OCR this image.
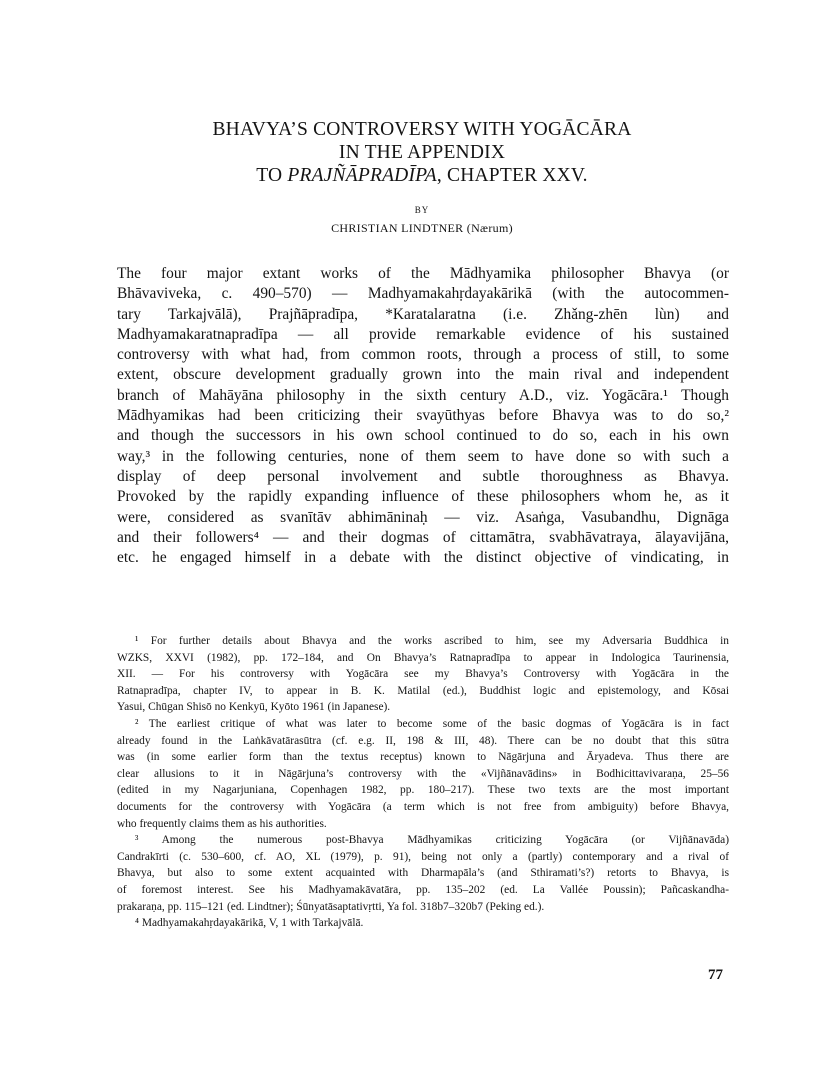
BHAVYA’S CONTROVERSY WITH YOGĀCĀRA
IN THE APPENDIX
TO PRAJÑĀPRADĪPA, CHAPTER XXV.
BY
CHRISTIAN LINDTNER (Nærum)
The four major extant works of the Mādhyamika philosopher Bhavya (or
Bhāvaviveka, c. 490–570) — Madhyamakahṛdayakārikā (with the autocommen-
tary Tarkajvālā), Prajñāpradīpa, *Karatalaratna (i.e. Zhǎng-zhēn lùn) and
Madhyamakaratnapradīpa — all provide remarkable evidence of his sustained
controversy with what had, from common roots, through a process of still, to some
extent, obscure development gradually grown into the main rival and independent
branch of Mahāyāna philosophy in the sixth century A.D., viz. Yogācāra.¹ Though
Mādhyamikas had been criticizing their svayūthyas before Bhavya was to do so,²
and though the successors in his own school continued to do so, each in his own
way,³ in the following centuries, none of them seem to have done so with such a
display of deep personal involvement and subtle thoroughness as Bhavya.
Provoked by the rapidly expanding influence of these philosophers whom he, as it
were, considered as svanītāv abhimāninaḥ — viz. Asaṅga, Vasubandhu, Dignāga
and their followers⁴ — and their dogmas of cittamātra, svabhāvatraya, ālayavijāna,
etc. he engaged himself in a debate with the distinct objective of vindicating, in
¹ For further details about Bhavya and the works ascribed to him, see my Adversaria Buddhica in
WZKS, XXVI (1982), pp. 172–184, and On Bhavya’s Ratnapradīpa to appear in Indologica Taurinensia,
XII. — For his controversy with Yogācāra see my Bhavya’s Controversy with Yogācāra in the
Ratnapradīpa, chapter IV, to appear in B. K. Matilal (ed.), Buddhist logic and epistemology, and Kōsai
Yasui, Chūgan Shisō no Kenkyū, Kyōto 1961 (in Japanese).
² The earliest critique of what was later to become some of the basic dogmas of Yogācāra is in fact
already found in the Laṅkāvatārasūtra (cf. e.g. II, 198 & III, 48). There can be no doubt that this sūtra
was (in some earlier form than the textus receptus) known to Nāgārjuna and Āryadeva. Thus there are
clear allusions to it in Nāgārjuna’s controversy with the «Vijñānavādins» in Bodhicittavivaraṇa, 25–56
(edited in my Nagarjuniana, Copenhagen 1982, pp. 180–217). These two texts are the most important
documents for the controversy with Yogācāra (a term which is not free from ambiguity) before Bhavya,
who frequently claims them as his authorities.
³ Among the numerous post-Bhavya Mādhyamikas criticizing Yogācāra (or Vijñānavāda)
Candrakīrti (c. 530–600, cf. AO, XL (1979), p. 91), being not only a (partly) contemporary and a rival of
Bhavya, but also to some extent acquainted with Dharmapāla’s (and Sthiramati’s?) retorts to Bhavya, is
of foremost interest. See his Madhyamakāvatāra, pp. 135–202 (ed. La Vallée Poussin); Pañcaskandha-
prakaraṇa, pp. 115–121 (ed. Lindtner); Śūnyatāsaptativṛtti, Ya fol. 318b7–320b7 (Peking ed.).
⁴ Madhyamakahṛdayakārikā, V, 1 with Tarkajvālā.
77
